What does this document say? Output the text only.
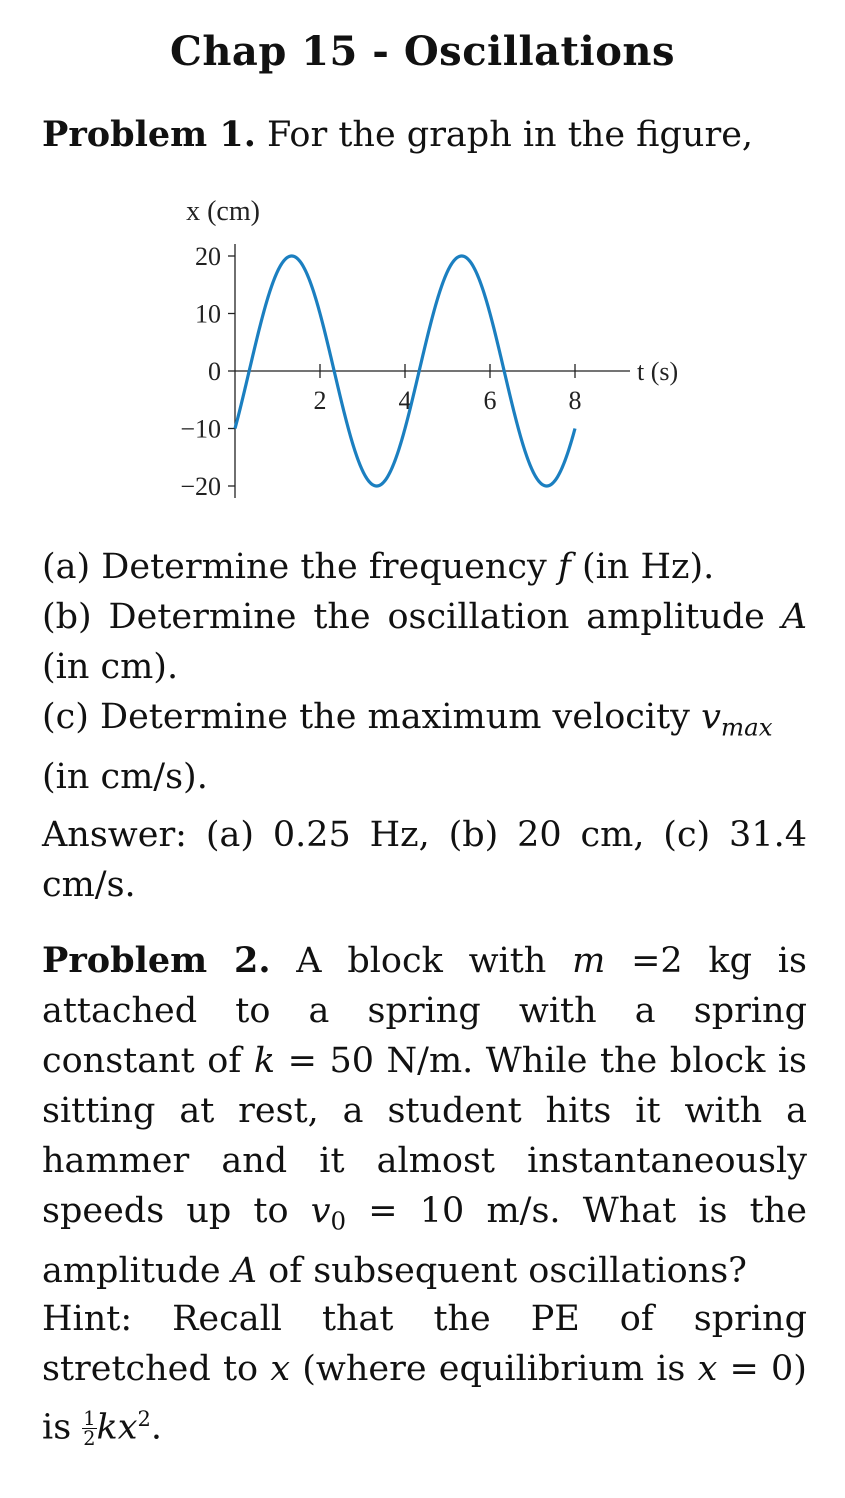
Chap 15 - Oscillations
Problem 1. For the graph in the figure,
20
10
0
−10
−20
2	4	6	8
x (cm)
t (s)
(a) Determine the frequency f (in Hz).
(b) Determine the oscillation amplitude A (in cm).
(c) Determine the maximum velocity $v_{max}$ (in cm/s).
Answer: (a) 0.25 Hz, (b) 20 cm, (c) 31.4 cm/s.
Problem 2. A block with m =2 kg is attached to a spring with a spring constant of k = 50 N/m. While the block is sitting at rest, a student hits it with a hammer and it almost instantaneously speeds up to $v_0 = 10$ m/s. What is the amplitude A of subsequent oscillations?
Hint: Recall that the PE of spring stretched to x (where equilibrium is x = 0) is $\frac{1}{2} kx^2$.
